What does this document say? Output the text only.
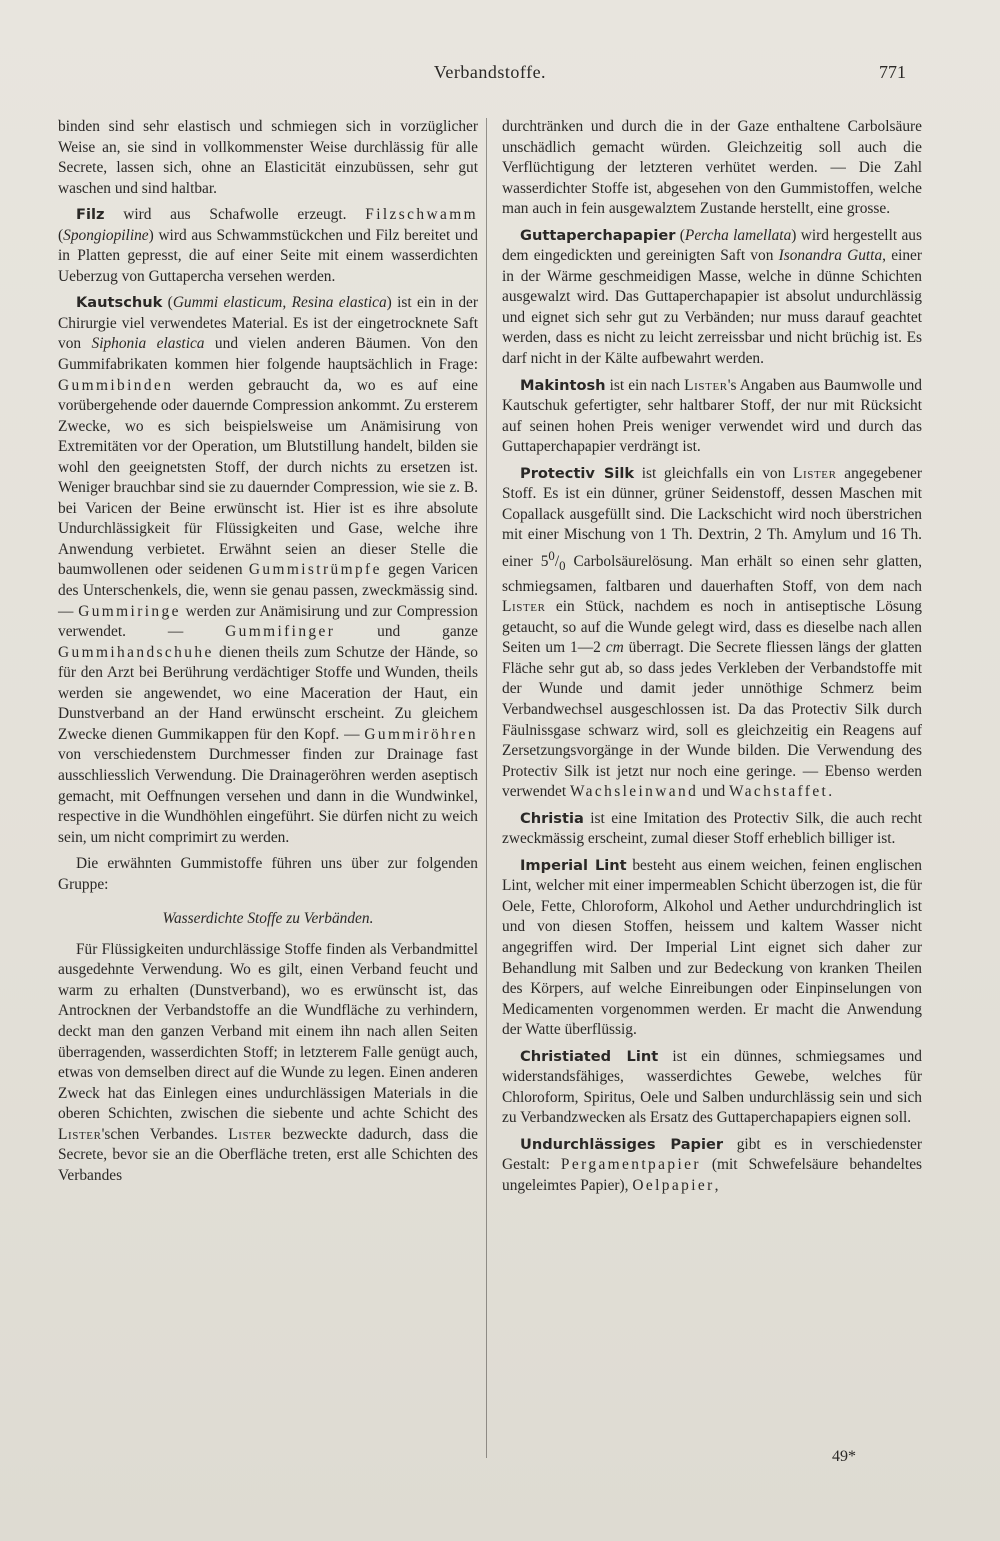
Verbandstoffe.	771

binden sind sehr elastisch und schmiegen sich in vorzüglicher Weise an, sie sind in vollkommenster Weise durchlässig für alle Secrete, lassen sich, ohne an Elasticität einzubüssen, sehr gut waschen und sind haltbar.

Filz wird aus Schafwolle erzeugt. Filzschwamm (Spongiopiline) wird aus Schwammstückchen und Filz bereitet und in Platten gepresst, die auf einer Seite mit einem wasserdichten Ueberzug von Guttapercha versehen werden.

Kautschuk (Gummi elasticum, Resina elastica) ist ein in der Chirurgie viel verwendetes Material. Es ist der eingetrocknete Saft von Siphonia elastica und vielen anderen Bäumen. Von den Gummifabrikaten kommen hier folgende hauptsächlich in Frage: Gummibinden werden gebraucht da, wo es auf eine vorübergehende oder dauernde Compression ankommt. Zu ersterem Zwecke, wo es sich beispielsweise um Anämisirung von Extremitäten vor der Operation, um Blutstillung handelt, bilden sie wohl den geeignetsten Stoff, der durch nichts zu ersetzen ist. Weniger brauchbar sind sie zu dauernder Compression, wie sie z. B. bei Varicen der Beine erwünscht ist. Hier ist es ihre absolute Undurchlässigkeit für Flüssigkeiten und Gase, welche ihre Anwendung verbietet. Erwähnt seien an dieser Stelle die baumwollenen oder seidenen Gummistrümpfe gegen Varicen des Unterschenkels, die, wenn sie genau passen, zweckmässig sind. — Gummiringe werden zur Anämisirung und zur Compression verwendet. — Gummifinger und ganze Gummihandschuhe dienen theils zum Schutze der Hände, so für den Arzt bei Berührung verdächtiger Stoffe und Wunden, theils werden sie angewendet, wo eine Maceration der Haut, ein Dunstverband an der Hand erwünscht erscheint. Zu gleichem Zwecke dienen Gummikappen für den Kopf. — Gummiröhren von verschiedenstem Durchmesser finden zur Drainage fast ausschliesslich Verwendung. Die Drainageröhren werden aseptisch gemacht, mit Oeffnungen versehen und dann in die Wundwinkel, respective in die Wundhöhlen eingeführt. Sie dürfen nicht zu weich sein, um nicht comprimirt zu werden.

Die erwähnten Gummistoffe führen uns über zur folgenden Gruppe:

Wasserdichte Stoffe zu Verbänden.

Für Flüssigkeiten undurchlässige Stoffe finden als Verbandmittel ausgedehnte Verwendung. Wo es gilt, einen Verband feucht und warm zu erhalten (Dunstverband), wo es erwünscht ist, das Antrocknen der Verbandstoffe an die Wundfläche zu verhindern, deckt man den ganzen Verband mit einem ihn nach allen Seiten überragenden, wasserdichten Stoff; in letzterem Falle genügt auch, etwas von demselben direct auf die Wunde zu legen. Einen anderen Zweck hat das Einlegen eines undurchlässigen Materials in die oberen Schichten, zwischen die siebente und achte Schicht des Lister'schen Verbandes. Lister bezweckte dadurch, dass die Secrete, bevor sie an die Oberfläche treten, erst alle Schichten des Verbandes

durchtränken und durch die in der Gaze enthaltene Carbolsäure unschädlich gemacht würden. Gleichzeitig soll auch die Verflüchtigung der letzteren verhütet werden. — Die Zahl wasserdichter Stoffe ist, abgesehen von den Gummistoffen, welche man auch in fein ausgewalztem Zustande herstellt, eine grosse.

Guttaperchapapier (Percha lamellata) wird hergestellt aus dem eingedickten und gereinigten Saft von Isonandra Gutta, einer in der Wärme geschmeidigen Masse, welche in dünne Schichten ausgewalzt wird. Das Guttaperchapapier ist absolut undurchlässig und eignet sich sehr gut zu Verbänden; nur muss darauf geachtet werden, dass es nicht zu leicht zerreissbar und nicht brüchig ist. Es darf nicht in der Kälte aufbewahrt werden.

Makintosh ist ein nach Lister's Angaben aus Baumwolle und Kautschuk gefertigter, sehr haltbarer Stoff, der nur mit Rücksicht auf seinen hohen Preis weniger verwendet wird und durch das Guttaperchapapier verdrängt ist.

Protectiv Silk ist gleichfalls ein von Lister angegebener Stoff. Es ist ein dünner, grüner Seidenstoff, dessen Maschen mit Copallack ausgefüllt sind. Die Lackschicht wird noch überstrichen mit einer Mischung von 1 Th. Dextrin, 2 Th. Amylum und 16 Th. einer $5^0/_0$ Carbolsäurelösung. Man erhält so einen sehr glatten, schmiegsamen, faltbaren und dauerhaften Stoff, von dem nach Lister ein Stück, nachdem es noch in antiseptische Lösung getaucht, so auf die Wunde gelegt wird, dass es dieselbe nach allen Seiten um 1—2 cm überragt. Die Secrete fliessen längs der glatten Fläche sehr gut ab, so dass jedes Verkleben der Verbandstoffe mit der Wunde und damit jeder unnöthige Schmerz beim Verbandwechsel ausgeschlossen ist. Da das Protectiv Silk durch Fäulnissgase schwarz wird, soll es gleichzeitig ein Reagens auf Zersetzungsvorgänge in der Wunde bilden. Die Verwendung des Protectiv Silk ist jetzt nur noch eine geringe. — Ebenso werden verwendet Wachsleinwand und Wachstaffet.

Christia ist eine Imitation des Protectiv Silk, die auch recht zweckmässig erscheint, zumal dieser Stoff erheblich billiger ist.

Imperial Lint besteht aus einem weichen, feinen englischen Lint, welcher mit einer impermeablen Schicht überzogen ist, die für Oele, Fette, Chloroform, Alkohol und Aether undurchdringlich ist und von diesen Stoffen, heissem und kaltem Wasser nicht angegriffen wird. Der Imperial Lint eignet sich daher zur Behandlung mit Salben und zur Bedeckung von kranken Theilen des Körpers, auf welche Einreibungen oder Einpinselungen von Medicamenten vorgenommen werden. Er macht die Anwendung der Watte überflüssig.

Christiated Lint ist ein dünnes, schmiegsames und widerstandsfähiges, wasserdichtes Gewebe, welches für Chloroform, Spiritus, Oele und Salben undurchlässig sein und sich zu Verbandzwecken als Ersatz des Guttaperchapapiers eignen soll.

Undurchlässiges Papier gibt es in verschiedenster Gestalt: Pergamentpapier (mit Schwefelsäure behandeltes ungeleimtes Papier), Oelpapier,

49*
